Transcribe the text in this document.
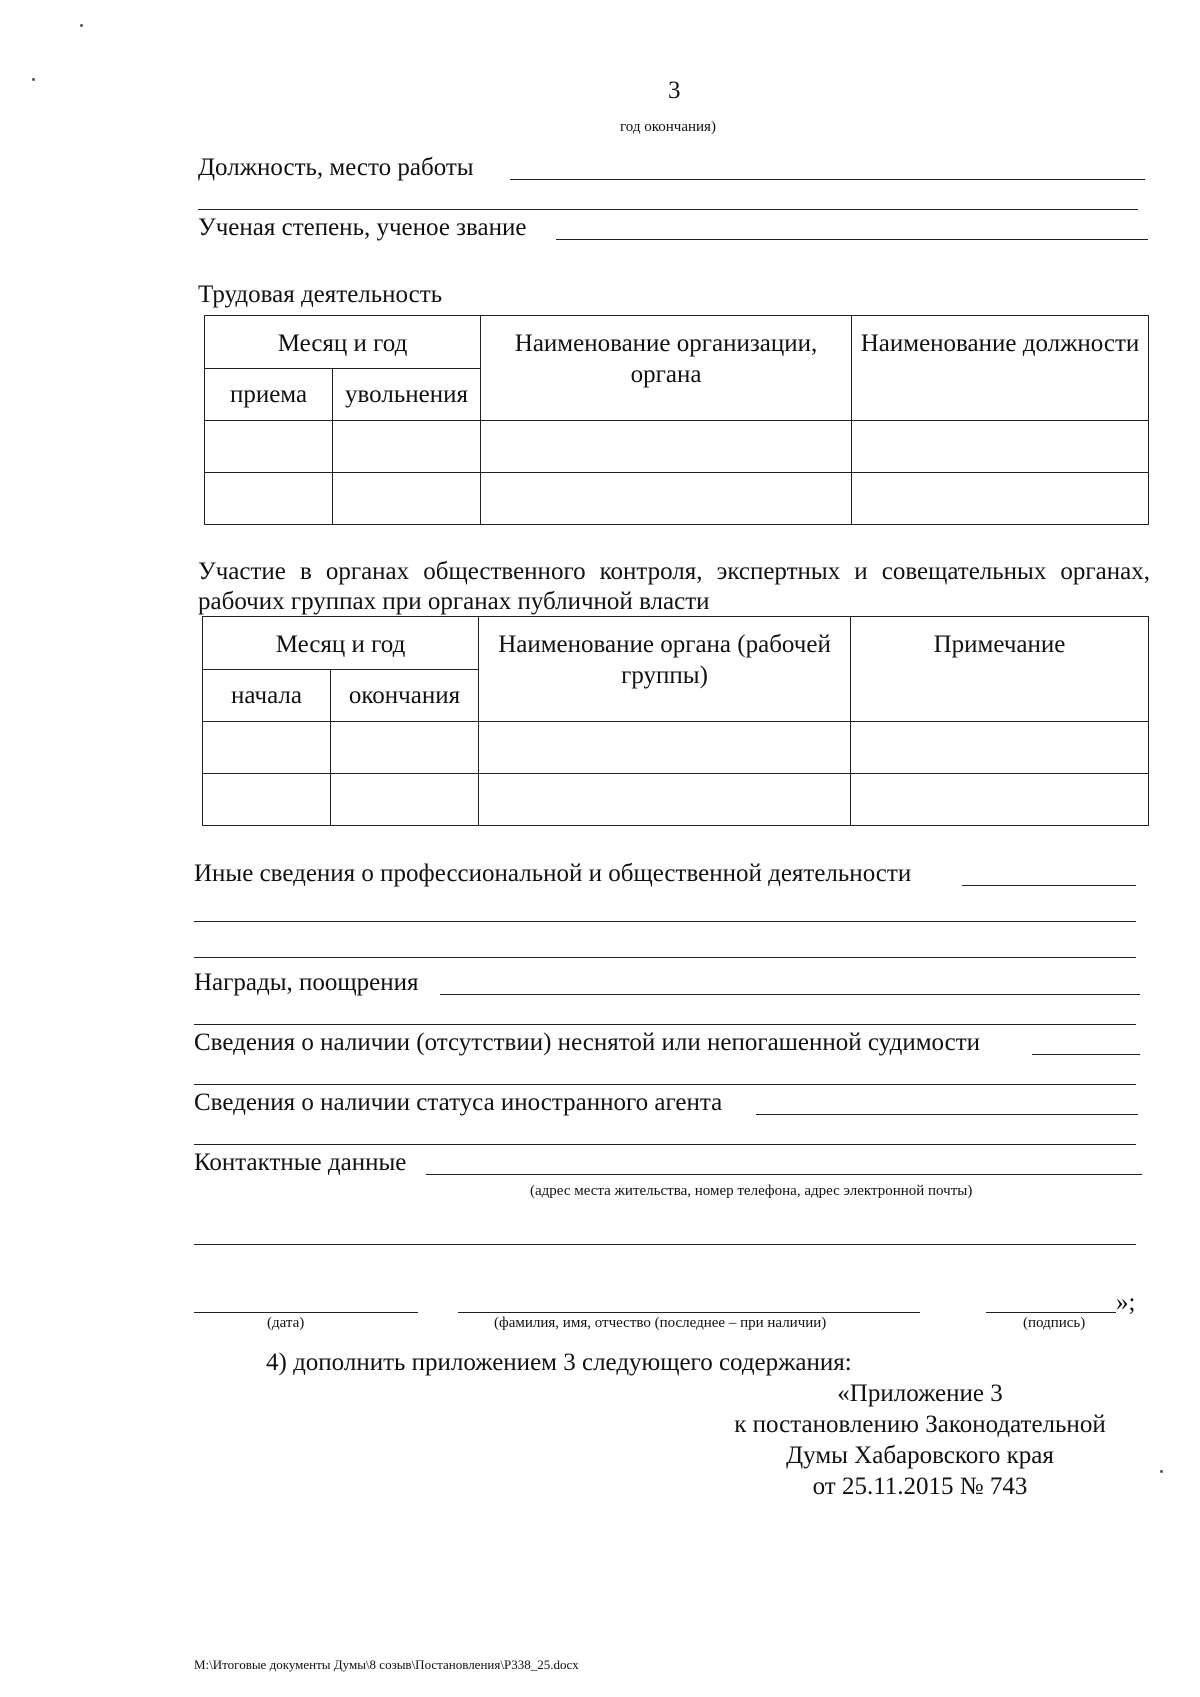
3
год окончания)
Должность, место работы
Ученая степень, ученое звание
Трудовая деятельность
Месяц и год		Наименование организации, органа	Наименование должности
приема	увольнения		

Участие в органах общественного контроля, экспертных и совещательных органах, рабочих группах при органах публичной власти
Месяц и год		Наименование органа (рабочей группы)	Примечание
начала	окончания		

Иные сведения о профессиональной и общественной деятельности
Награды, поощрения
Сведения о наличии (отсутствии) неснятой или непогашенной судимости
Сведения о наличии статуса иностранного агента
Контактные данные
(адрес места жительства, номер телефона, адрес электронной почты)
»;
(дата)	(фамилия, имя, отчество (последнее – при наличии)	(подпись)
4) дополнить приложением 3 следующего содержания:
«Приложение 3
к постановлению Законодательной
Думы Хабаровского края
от 25.11.2015 № 743
M:\Итоговые документы Думы\8 созыв\Постановления\P338_25.docx
